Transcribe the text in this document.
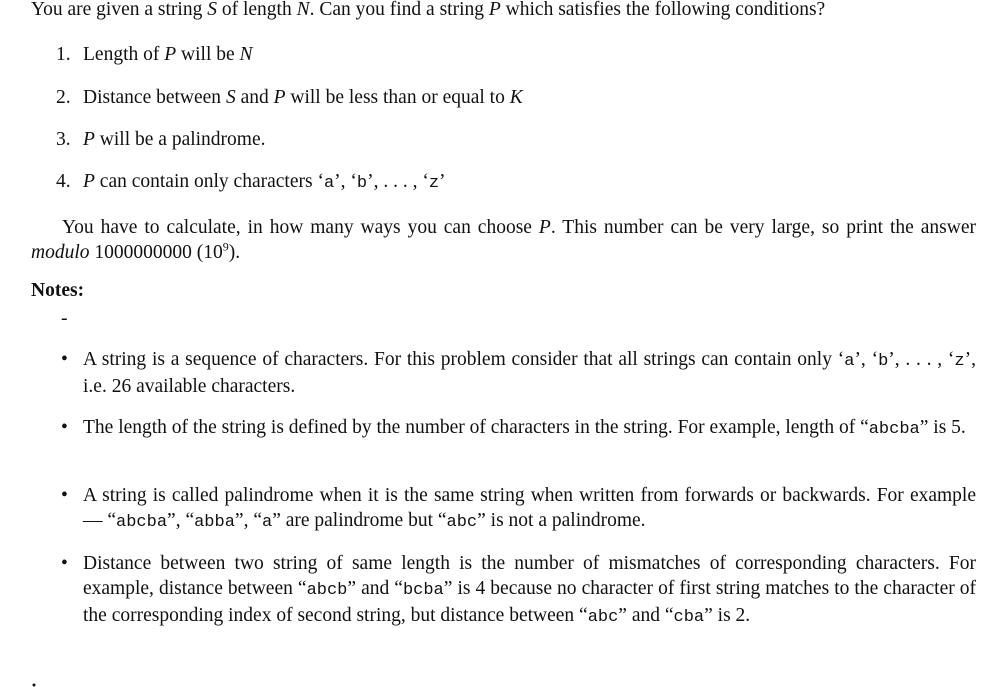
You are given a string S of length N. Can you find a string P which satisfies the following conditions?
1. Length of P will be N
2. Distance between S and P will be less than or equal to K
3. P will be a palindrome.
4. P can contain only characters ‘a’, ‘b’, . . . , ‘z’
You have to calculate, in how many ways you can choose P. This number can be very large, so print the answer modulo 1000000000 $(10^9)$.
Notes:
-
• A string is a sequence of characters. For this problem consider that all strings can contain only ‘a’, ‘b’, . . . , ‘z’, i.e. 26 available characters.
• The length of the string is defined by the number of characters in the string. For example, length of “abcba” is 5.
• A string is called palindrome when it is the same string when written from forwards or backwards. For example — “abcba”, “abba”, “a” are palindrome but “abc” is not a palindrome.
• Distance between two string of same length is the number of mismatches of corresponding characters. For example, distance between “abcb” and “bcba” is 4 because no character of first string matches to the character of the corresponding index of second string, but distance between “abc” and “cba” is 2.
